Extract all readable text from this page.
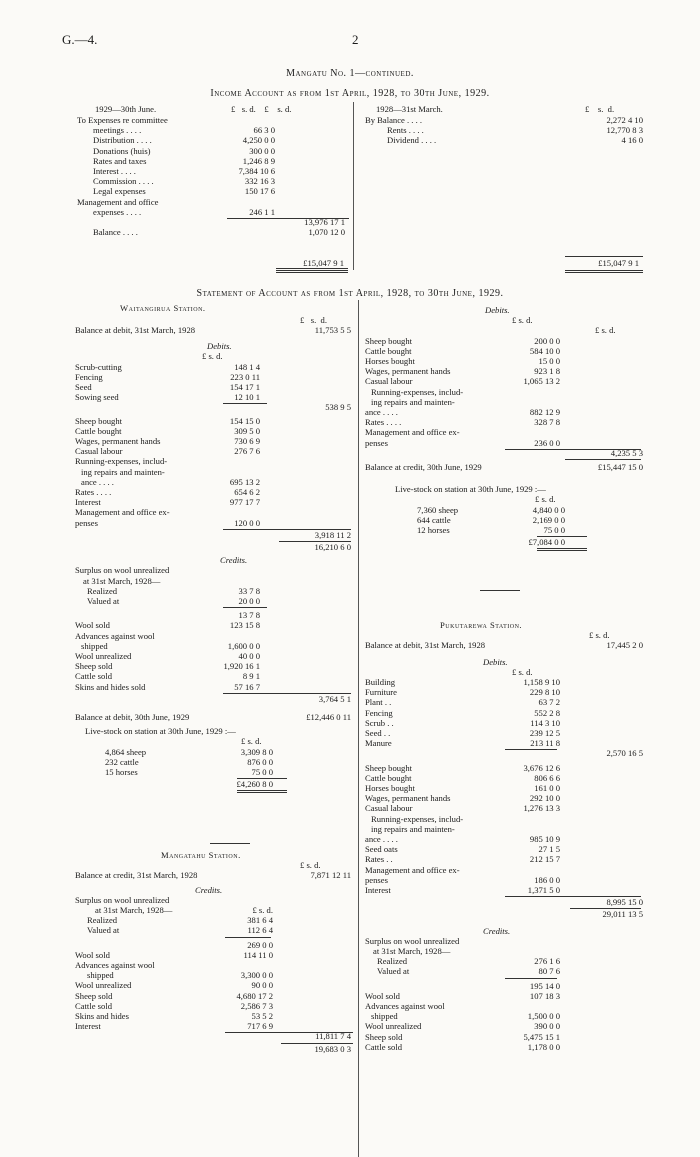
G.—4.	2
Mangatu No. 1—continued.
Income Account as from 1st April, 1928, to 30th June, 1929.
1929—30th June.	£   s. d.    £    s. d.
To Expenses re committee
meetings . . . .	66 3 0
Distribution . . . .	4,250 0 0
Donations (huis)	300 0 0
Rates and taxes	1,246 8 9
Interest . . . .	7,384 10 6
Commission . . . .	332 16 3
Legal expenses	150 17 6
Management and office
expenses . . . .	246 1 1
13,976 17 1
Balance . . . .	1,070 12 0
£15,047 9 1
1928—31st March.	£    s.  d.
By Balance . . . .	2,272 4 10
Rents . . . .	12,770 8 3
Dividend . . . .	4 16 0
£15,047 9 1
Statement of Account as from 1st April, 1928, to 30th June, 1929.
Waitangirua Station.
£   s.  d.
Balance at debit, 31st March, 1928	11,753 5 5
Debits.
£ s. d.
Scrub-cutting	148 1 4
Fencing	223 0 11
Seed	154 17 1
Sowing seed	12 10 1
538 9 5
Sheep bought	154 15 0
Cattle bought	309 5 0
Wages, permanent hands	730 6 9
Casual labour	276 7 6
Running-expenses, includ-
ing repairs and mainten-
ance . . . .	695 13 2
Rates . . . .	654 6 2
Interest	977 17 7
Management and office ex-
penses	120 0 0
3,918 11 2
16,210 6 0
Credits.
Surplus on wool unrealized
at 31st March, 1928—
Realized	33 7 8
Valued at	20 0 0
13 7 8
Wool sold	123 15 8
Advances against wool
shipped	1,600 0 0
Wool unrealized	40 0 0
Sheep sold	1,920 16 1
Cattle sold	8 9 1
Skins and hides sold	57 16 7
3,764 5 1
Balance at debit, 30th June, 1929	£12,446 0 11
Live-stock on station at 30th June, 1929 :—
£ s. d.
4,864 sheep	3,309 8 0
232 cattle	876 0 0
15 horses	75 0 0
£4,260 8 0
Debits.
£ s. d.
£ s. d.
Sheep bought	200 0 0
Cattle bought	584 10 0
Horses bought	15 0 0
Wages, permanent hands	923 1 8
Casual labour	1,065 13 2
Running-expenses, includ-
ing repairs and mainten-
ance . . . .	882 12 9
Rates . . . .	328 7 8
Management and office ex-
penses	236 0 0
4,235 5 3
Balance at credit, 30th June, 1929	£15,447 15 0
Live-stock on station at 30th June, 1929 :—
£ s. d.
7,360 sheep	4,840 0 0
644 cattle	2,169 0 0
12 horses	75 0 0
£7,084 0 0
Pukutarewa Station.
£ s. d.
Balance at debit, 31st March, 1928	17,445 2 0
Debits.
£ s. d.
Building	1,158 9 10
Furniture	229 8 10
Plant . .	63 7 2
Fencing	552 2 8
Scrub . .	114 3 10
Seed . .	239 12 5
Manure	213 11 8
2,570 16 5
Sheep bought	3,676 12 6
Cattle bought	806 6 6
Horses bought	161 0 0
Wages, permanent hands	292 10 0
Casual labour	1,276 13 3
Running-expenses, includ-
ing repairs and mainten-
ance . . . .	985 10 9
Seed oats	27 1 5
Rates . .	212 15 7
Management and office ex-
penses	186 0 0
Interest	1,371 5 0
8,995 15 0
29,011 13 5
Credits.
Surplus on wool unrealized
at 31st March, 1928—
Realized	276 1 6
Valued at	80 7 6
195 14 0
Wool sold	107 18 3
Advances against wool
shipped	1,500 0 0
Wool unrealized	390 0 0
Sheep sold	5,475 15 1
Cattle sold	1,178 0 0
Mangatahu Station.
£ s. d.
Balance at credit, 31st March, 1928	7,871 12 11
Credits.
Surplus on wool unrealized
at 31st March, 1928—	£ s. d.
Realized	381 6 4
Valued at	112 6 4
269 0 0
Wool sold	114 11 0
Advances against wool
shipped	3,300 0 0
Wool unrealized	90 0 0
Sheep sold	4,680 17 2
Cattle sold	2,586 7 3
Skins and hides	53 5 2
Interest	717 6 9
11,811 7 4
19,683 0 3
